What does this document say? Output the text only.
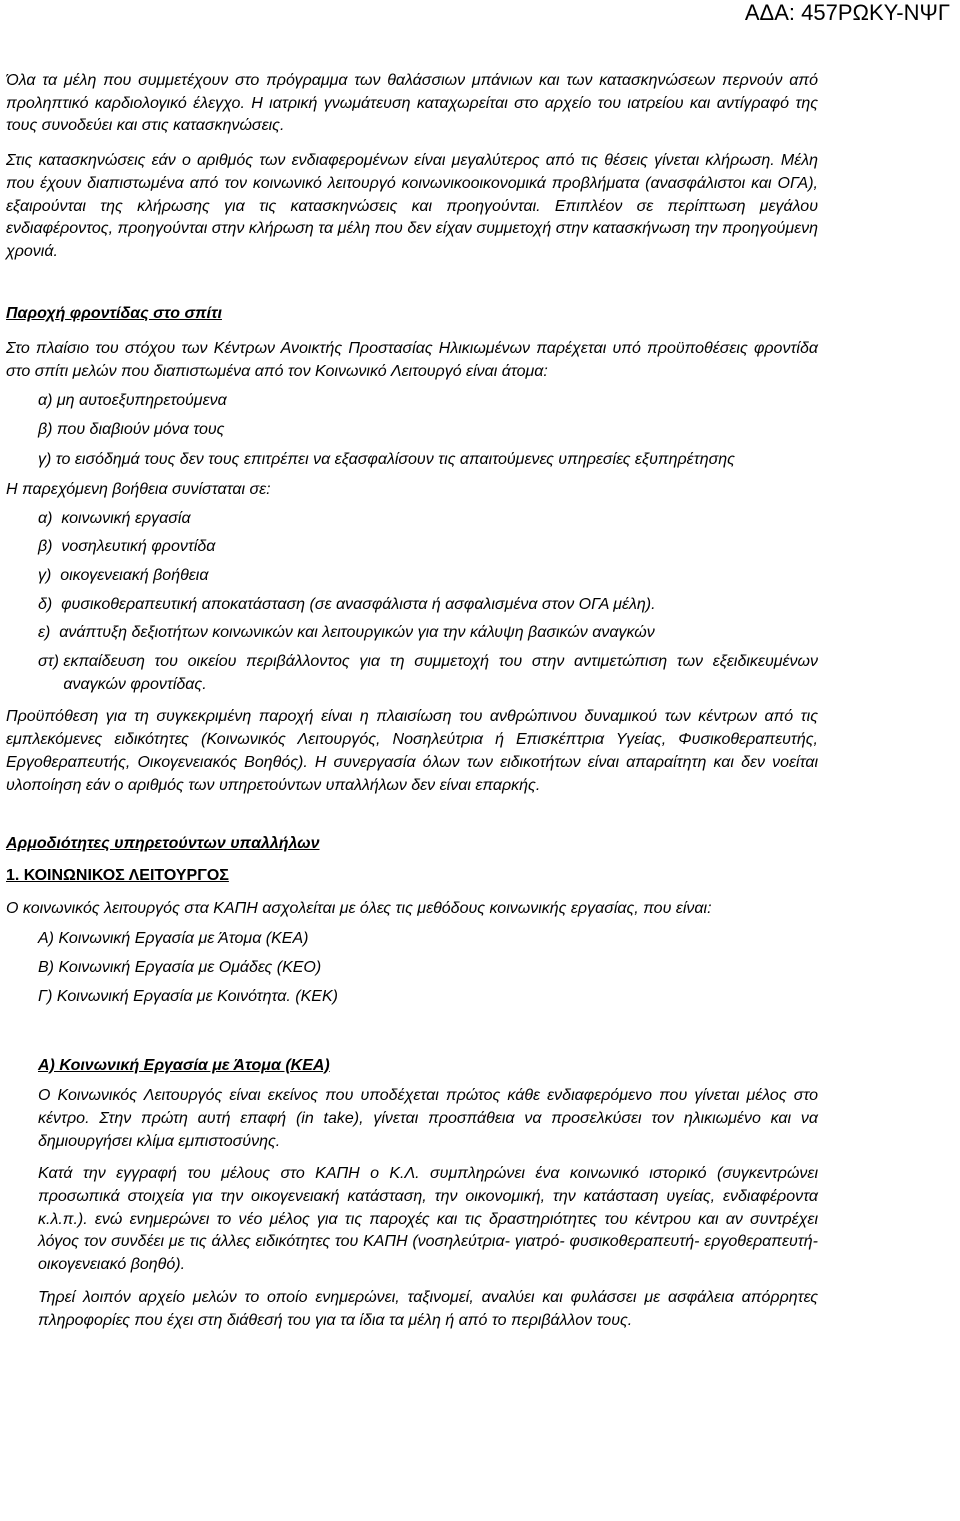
ΑΔΑ: 457ΡΩΚΥ-ΝΨΓ

Όλα τα μέλη που συμμετέχουν στο πρόγραμμα των θαλάσσιων μπάνιων και των κατασκηνώσεων περνούν από προληπτικό καρδιολογικό έλεγχο. Η ιατρική γνωμάτευση καταχωρείται στο αρχείο του ιατρείου και αντίγραφό της τους συνοδεύει και στις κατασκηνώσεις.

Στις κατασκηνώσεις εάν ο αριθμός των ενδιαφερομένων είναι μεγαλύτερος από τις θέσεις γίνεται κλήρωση. Μέλη που έχουν διαπιστωμένα από τον κοινωνικό λειτουργό κοινωνικοοικονομικά προβλήματα (ανασφάλιστοι και ΟΓΑ), εξαιρούνται της κλήρωσης για τις κατασκηνώσεις και προηγούνται. Επιπλέον σε περίπτωση μεγάλου ενδιαφέροντος, προηγούνται στην κλήρωση τα μέλη που δεν είχαν συμμετοχή στην κατασκήνωση την προηγούμενη χρονιά.

Παροχή φροντίδας στο σπίτι

Στο πλαίσιο του στόχου των Κέντρων Ανοικτής Προστασίας Ηλικιωμένων παρέχεται υπό προϋποθέσεις φροντίδα στο σπίτι μελών που διαπιστωμένα από τον Κοινωνικό Λειτουργό είναι άτομα:

α) μη αυτοεξυπηρετούμενα
β) που διαβιούν μόνα τους
γ) το εισόδημά τους δεν τους επιτρέπει να εξασφαλίσουν τις απαιτούμενες υπηρεσίες εξυπηρέτησης

Η παρεχόμενη βοήθεια συνίσταται σε:

α) κοινωνική εργασία
β) νοσηλευτική φροντίδα
γ) οικογενειακή βοήθεια
δ) φυσικοθεραπευτική αποκατάσταση (σε ανασφάλιστα ή ασφαλισμένα στον ΟΓΑ μέλη).
ε) ανάπτυξη δεξιοτήτων κοινωνικών και λειτουργικών για την κάλυψη βασικών αναγκών
στ) εκπαίδευση του οικείου περιβάλλοντος για τη συμμετοχή του στην αντιμετώπιση των εξειδικευμένων αναγκών φροντίδας.

Προϋπόθεση για τη συγκεκριμένη παροχή είναι η πλαισίωση του ανθρώπινου δυναμικού των κέντρων από τις εμπλεκόμενες ειδικότητες (Κοινωνικός Λειτουργός, Νοσηλεύτρια ή Επισκέπτρια Υγείας, Φυσικοθεραπευτής, Εργοθεραπευτής, Οικογενειακός Βοηθός). Η συνεργασία όλων των ειδικοτήτων είναι απαραίτητη και δεν νοείται υλοποίηση εάν ο αριθμός των υπηρετούντων υπαλλήλων δεν είναι επαρκής.

Αρμοδιότητες υπηρετούντων υπαλλήλων

1. ΚΟΙΝΩΝΙΚΟΣ ΛΕΙΤΟΥΡΓΟΣ

Ο κοινωνικός λειτουργός στα ΚΑΠΗ ασχολείται με όλες τις μεθόδους κοινωνικής εργασίας, που είναι:

Α) Κοινωνική Εργασία με Άτομα (ΚΕΑ)
Β) Κοινωνική Εργασία με Ομάδες (ΚΕΟ)
Γ) Κοινωνική Εργασία με Κοινότητα. (ΚΕΚ)

Α) Κοινωνική Εργασία με Άτομα (ΚΕΑ)

Ο Κοινωνικός Λειτουργός είναι εκείνος που υποδέχεται πρώτος κάθε ενδιαφερόμενο που γίνεται μέλος στο κέντρο. Στην πρώτη αυτή επαφή (in take), γίνεται προσπάθεια να προσελκύσει τον ηλικιωμένο και να δημιουργήσει κλίμα εμπιστοσύνης.

Κατά την εγγραφή του μέλους στο ΚΑΠΗ ο Κ.Λ. συμπληρώνει ένα κοινωνικό ιστορικό (συγκεντρώνει προσωπικά στοιχεία για την οικογενειακή κατάσταση, την οικονομική, την κατάσταση υγείας, ενδιαφέροντα κ.λ.π.). ενώ ενημερώνει το νέο μέλος για τις παροχές και τις δραστηριότητες του κέντρου και αν συντρέχει λόγος τον συνδέει με τις άλλες ειδικότητες του ΚΑΠΗ (νοσηλεύτρια- γιατρό- φυσικοθεραπευτή- εργοθεραπευτή- οικογενειακό βοηθό).

Τηρεί λοιπόν αρχείο μελών το οποίο ενημερώνει, ταξινομεί, αναλύει και φυλάσσει με ασφάλεια απόρρητες πληροφορίες που έχει στη διάθεσή του για τα ίδια τα μέλη ή από το περιβάλλον τους.
